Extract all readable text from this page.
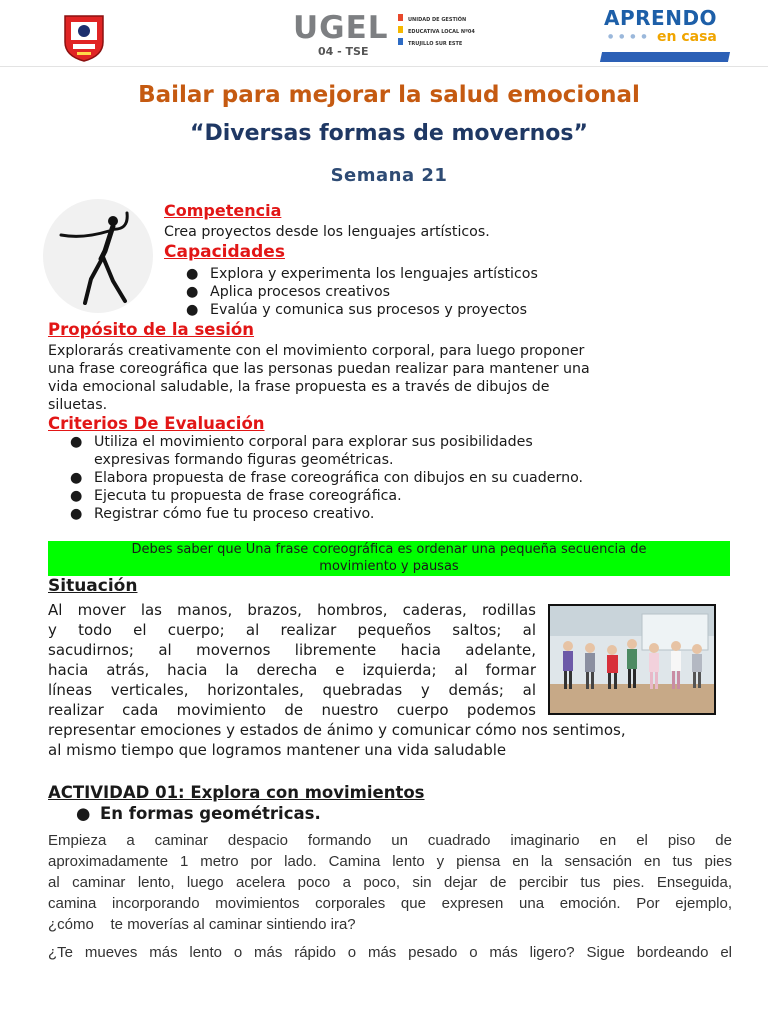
UGEL
04 - TSE
UNIDAD DE GESTIÓN
EDUCATIVA LOCAL Nº04
TRUJILLO SUR ESTE
APRENDO
● ● ● ● en casa
Bailar para mejorar la salud emocional
“Diversas formas de movernos”
Semana 21
Competencia
Crea proyectos desde los lenguajes artísticos.
Capacidades
● Explora y experimenta los lenguajes artísticos
● Aplica procesos creativos
● Evalúa y comunica sus procesos y proyectos
Propósito de la sesión
Explorarás creativamente con el movimiento corporal, para luego proponer
una frase coreográfica que las personas puedan realizar para mantener una
vida emocional saludable, la frase propuesta es a través de dibujos de
siluetas.
Criterios De Evaluación
● Utiliza el movimiento corporal para explorar sus posibilidades
expresivas formando figuras geométricas.
● Elabora propuesta de frase coreográfica con dibujos en su cuaderno.
● Ejecuta tu propuesta de frase coreográfica.
● Registrar cómo fue tu proceso creativo.
Debes saber que Una frase coreográfica es ordenar una pequeña secuencia de
movimiento y pausas
Situación
Al mover las manos, brazos, hombros, caderas, rodillas
y todo el cuerpo; al realizar pequeños saltos; al
sacudirnos; al movernos libremente hacia adelante,
hacia atrás, hacia la derecha e izquierda; al formar
líneas verticales, horizontales, quebradas y demás; al
realizar cada movimiento de nuestro cuerpo podemos
representar emociones y estados de ánimo y comunicar cómo nos sentimos,
al mismo tiempo que logramos mantener una vida saludable
ACTIVIDAD 01: Explora con movimientos
● En formas geométricas.
Empieza a caminar despacio formando un cuadrado imaginario en el piso de
aproximadamente 1 metro por lado. Camina lento y piensa en la sensación en tus pies
al caminar lento, luego acelera poco a poco, sin dejar de percibir tus pies. Enseguida,
camina incorporando movimientos corporales que expresen una emoción. Por ejemplo,
¿cómo    te moverías al caminar sintiendo ira?
¿Te mueves más lento o más rápido o más pesado o más ligero? Sigue bordeando el
